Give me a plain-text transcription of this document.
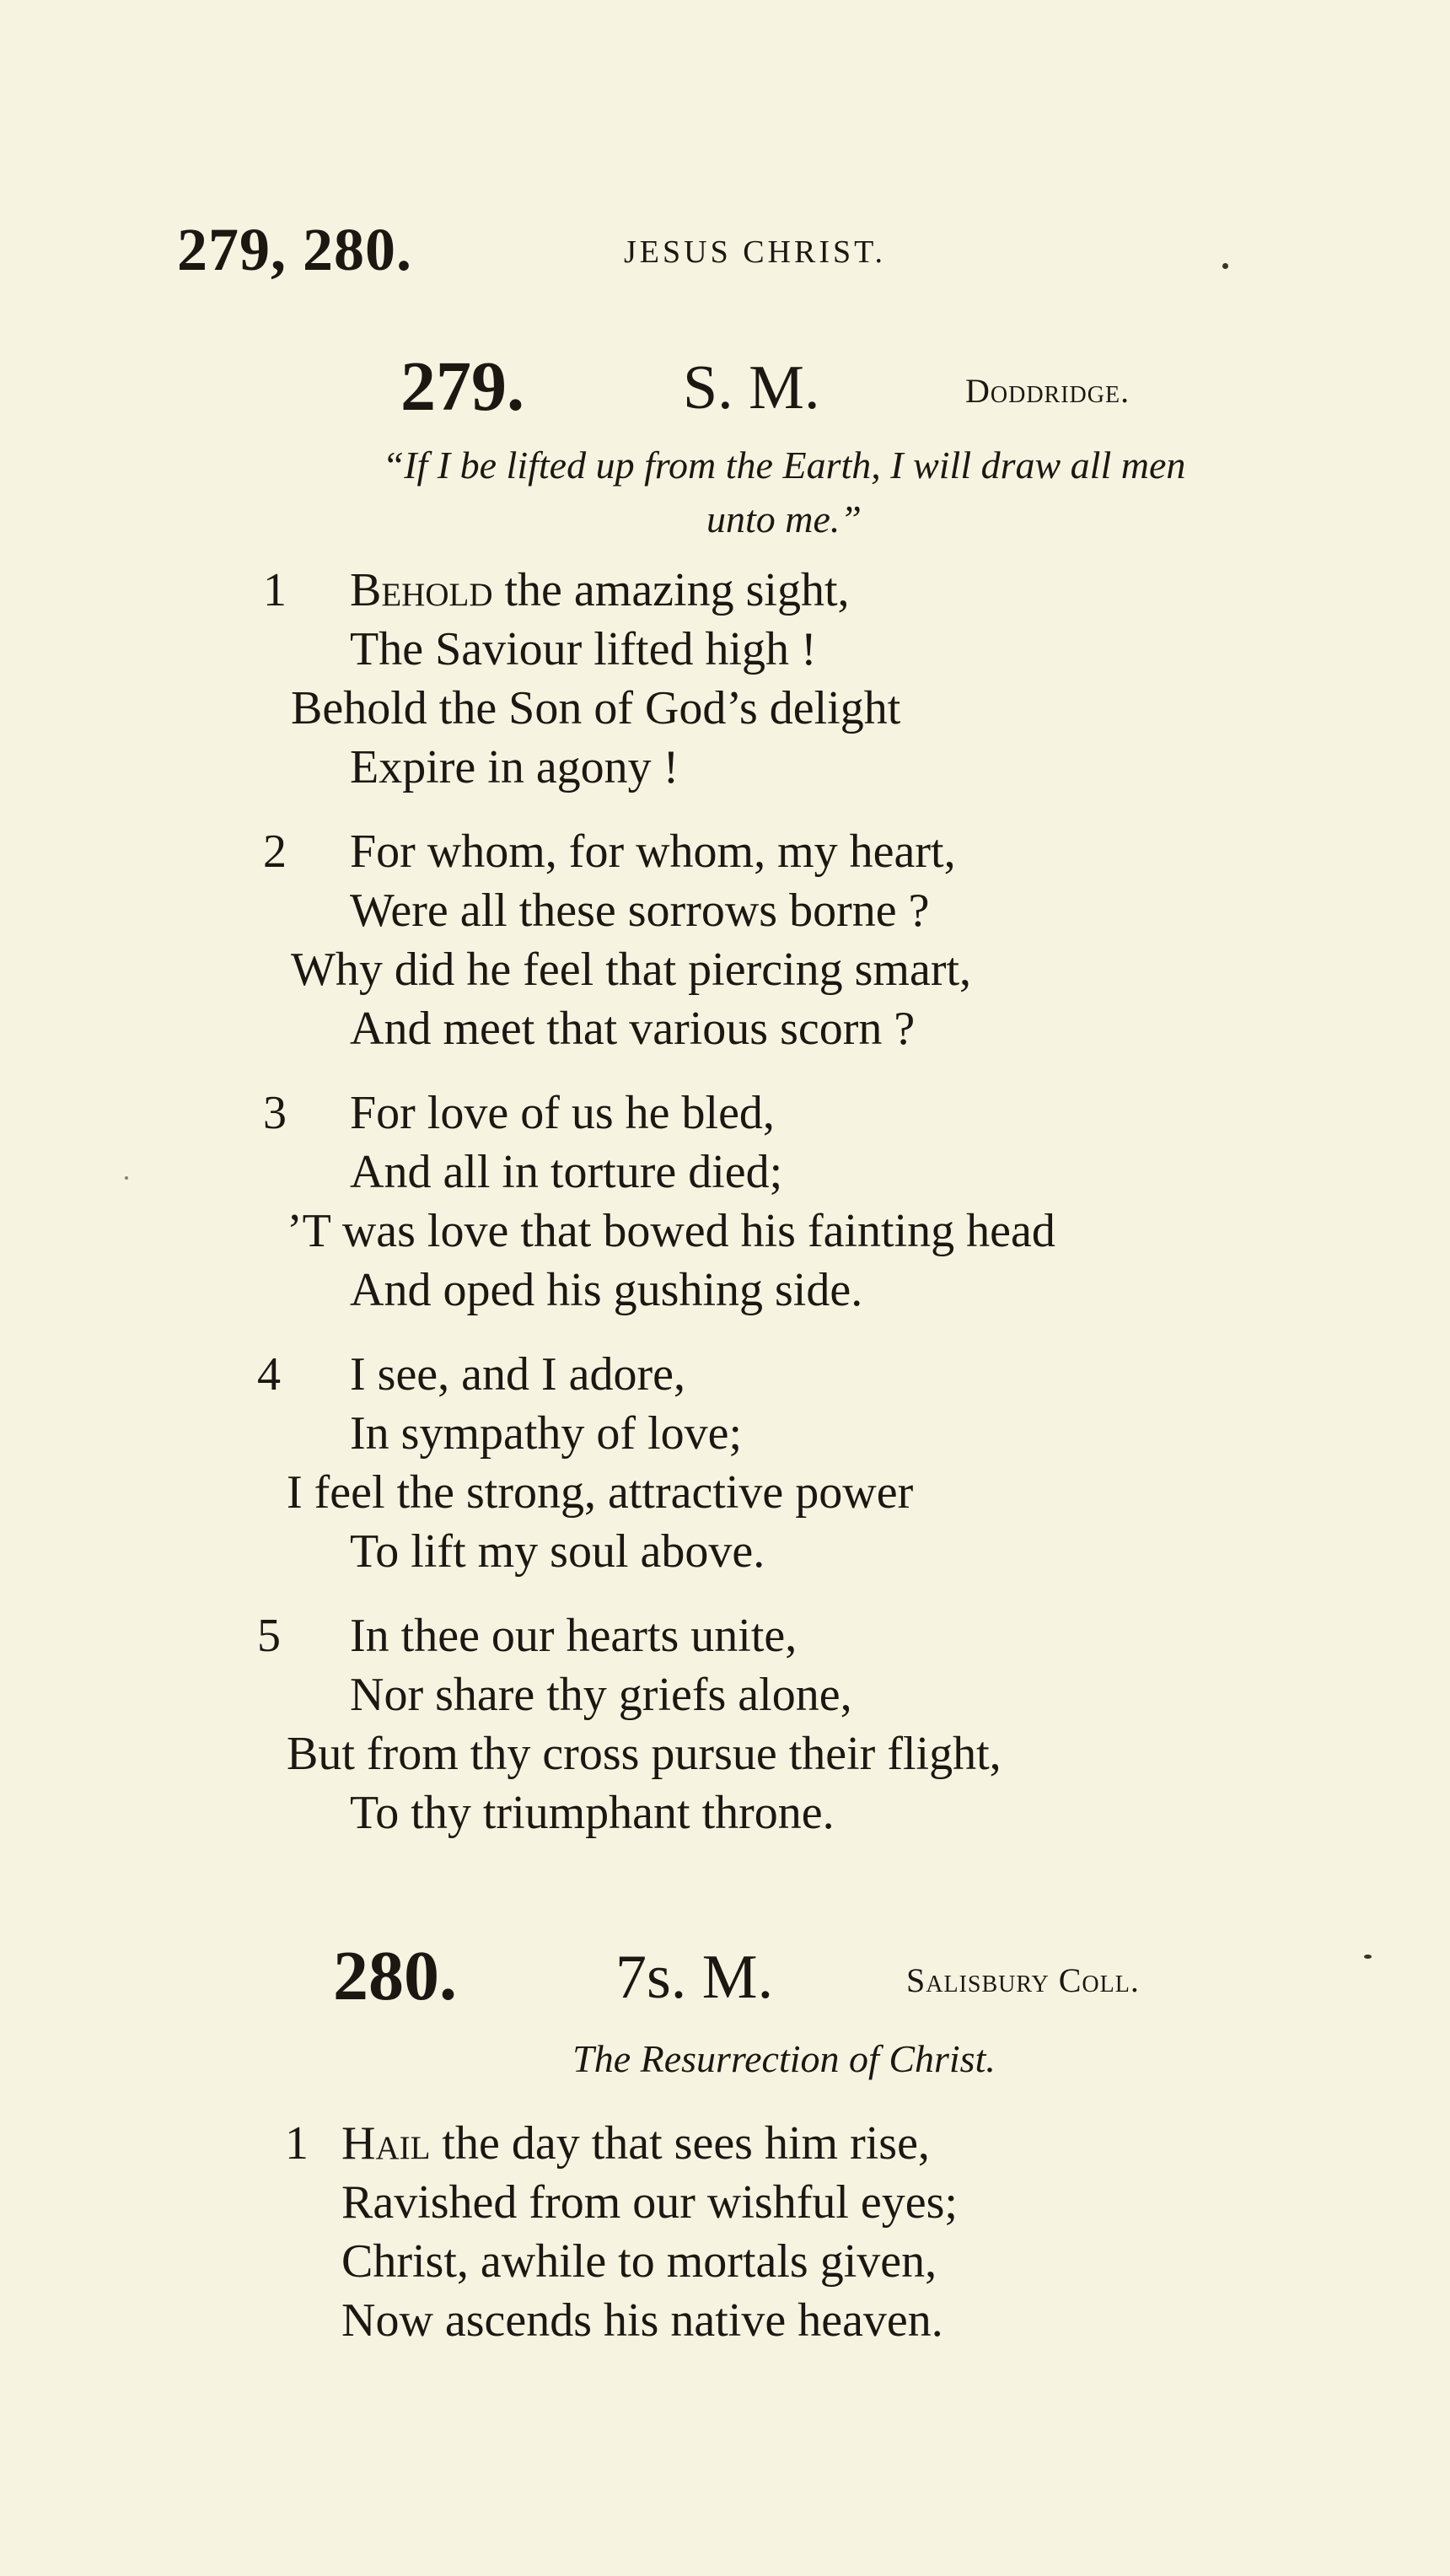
279, 280.	JESUS CHRIST.
279.	S. M.	Doddridge.
“If I be lifted up from the Earth, I will draw all men
unto me.”
1 Behold the amazing sight,
The Saviour lifted high !
Behold the Son of God’s delight
Expire in agony !
2 For whom, for whom, my heart,
Were all these sorrows borne ?
Why did he feel that piercing smart,
And meet that various scorn ?
3 For love of us he bled,
And all in torture died;
’T was love that bowed his fainting head
And oped his gushing side.
4 I see, and I adore,
In sympathy of love;
I feel the strong, attractive power
To lift my soul above.
5 In thee our hearts unite,
Nor share thy griefs alone,
But from thy cross pursue their flight,
To thy triumphant throne.
280.	7s. M.	Salisbury Coll.
The Resurrection of Christ.
1 Hail the day that sees him rise,
Ravished from our wishful eyes;
Christ, awhile to mortals given,
Now ascends his native heaven.
